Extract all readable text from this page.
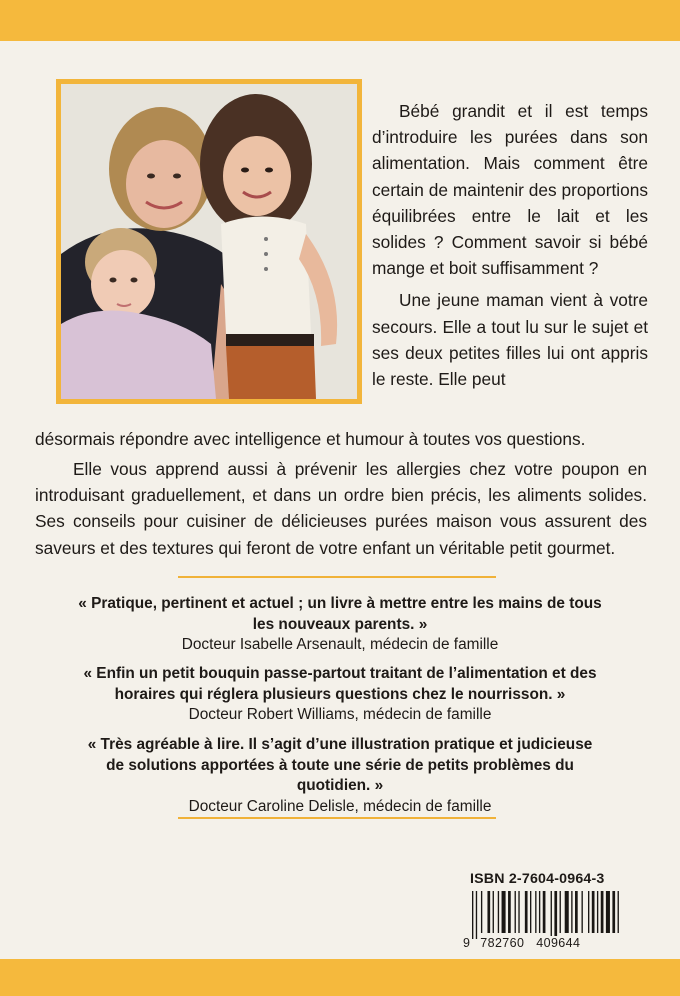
Bébé grandit et il est temps d’introduire les purées dans son alimentation. Mais comment être certain de maintenir des proportions équilibrées entre le lait et les solides ? Comment savoir si bébé mange et boit suffisamment ?

Une jeune maman vient à votre secours. Elle a tout lu sur le sujet et ses deux petites filles lui ont appris le reste. Elle peut

désormais répondre avec intelligence et humour à toutes vos questions.

Elle vous apprend aussi à prévenir les allergies chez votre poupon en introduisant graduellement, et dans un ordre bien précis, les aliments solides. Ses conseils pour cuisiner de délicieuses purées maison vous assurent des saveurs et des textures qui feront de votre enfant un véritable petit gourmet.

« Pratique, pertinent et actuel ; un livre à mettre entre les mains de tous
les nouveaux parents. »
Docteur Isabelle Arsenault, médecin de famille
« Enfin un petit bouquin passe-partout traitant de l’alimentation et des
horaires qui réglera plusieurs questions chez le nourrisson. »
Docteur Robert Williams, médecin de famille
« Très agréable à lire. Il s’agit d’une illustration pratique et judicieuse
de solutions apportées à toute une série de petits problèmes du quotidien. »
Docteur Caroline Delisle, médecin de famille
ISBN 2-7604-0964-3
9 782760 409644
